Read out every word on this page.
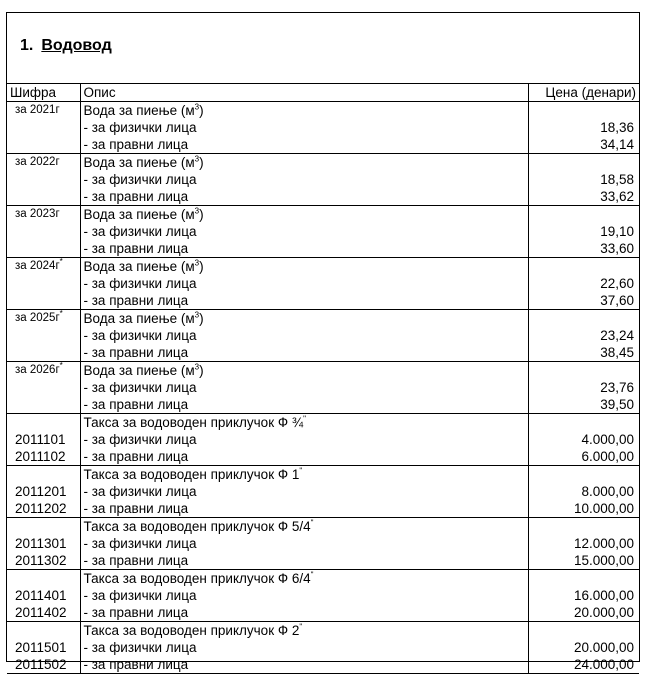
1. Водовод
Шифра	Опис	Цена (денари)
за 2021г	Вода за пиење $(м^3)$	
	- за физички лица	18,36
	- за правни лица	34,14
за 2022г	Вода за пиење $(м^3)$	
	- за физички лица	18,58
	- за правни лица	33,62
за 2023г	Вода за пиење $(м^3)$	
	- за физички лица	19,10
	- за правни лица	33,60
за 2024г*	Вода за пиење $(м^3)$	
	- за физички лица	22,60
	- за правни лица	37,60
за 2025г*	Вода за пиење $(м^3)$	
	- за физички лица	23,24
	- за правни лица	38,45
за 2026г*	Вода за пиење $(м^3)$	
	- за физички лица	23,76
	- за правни лица	39,50
	Такса за водоводен приклучок Ф ¾"	
2011101	- за физички лица	4.000,00
2011102	- за правни лица	6.000,00
	Такса за водоводен приклучок Ф 1"	
2011201	- за физички лица	8.000,00
2011202	- за правни лица	10.000,00
	Такса за водоводен приклучок Ф 5/4"	
2011301	- за физички лица	12.000,00
2011302	- за правни лица	15.000,00
	Такса за водоводен приклучок Ф 6/4"	
2011401	- за физички лица	16.000,00
2011402	- за правни лица	20.000,00
	Такса за водоводен приклучок Ф 2"	
2011501	- за физички лица	20.000,00
2011502	- за правни лица	24.000,00
